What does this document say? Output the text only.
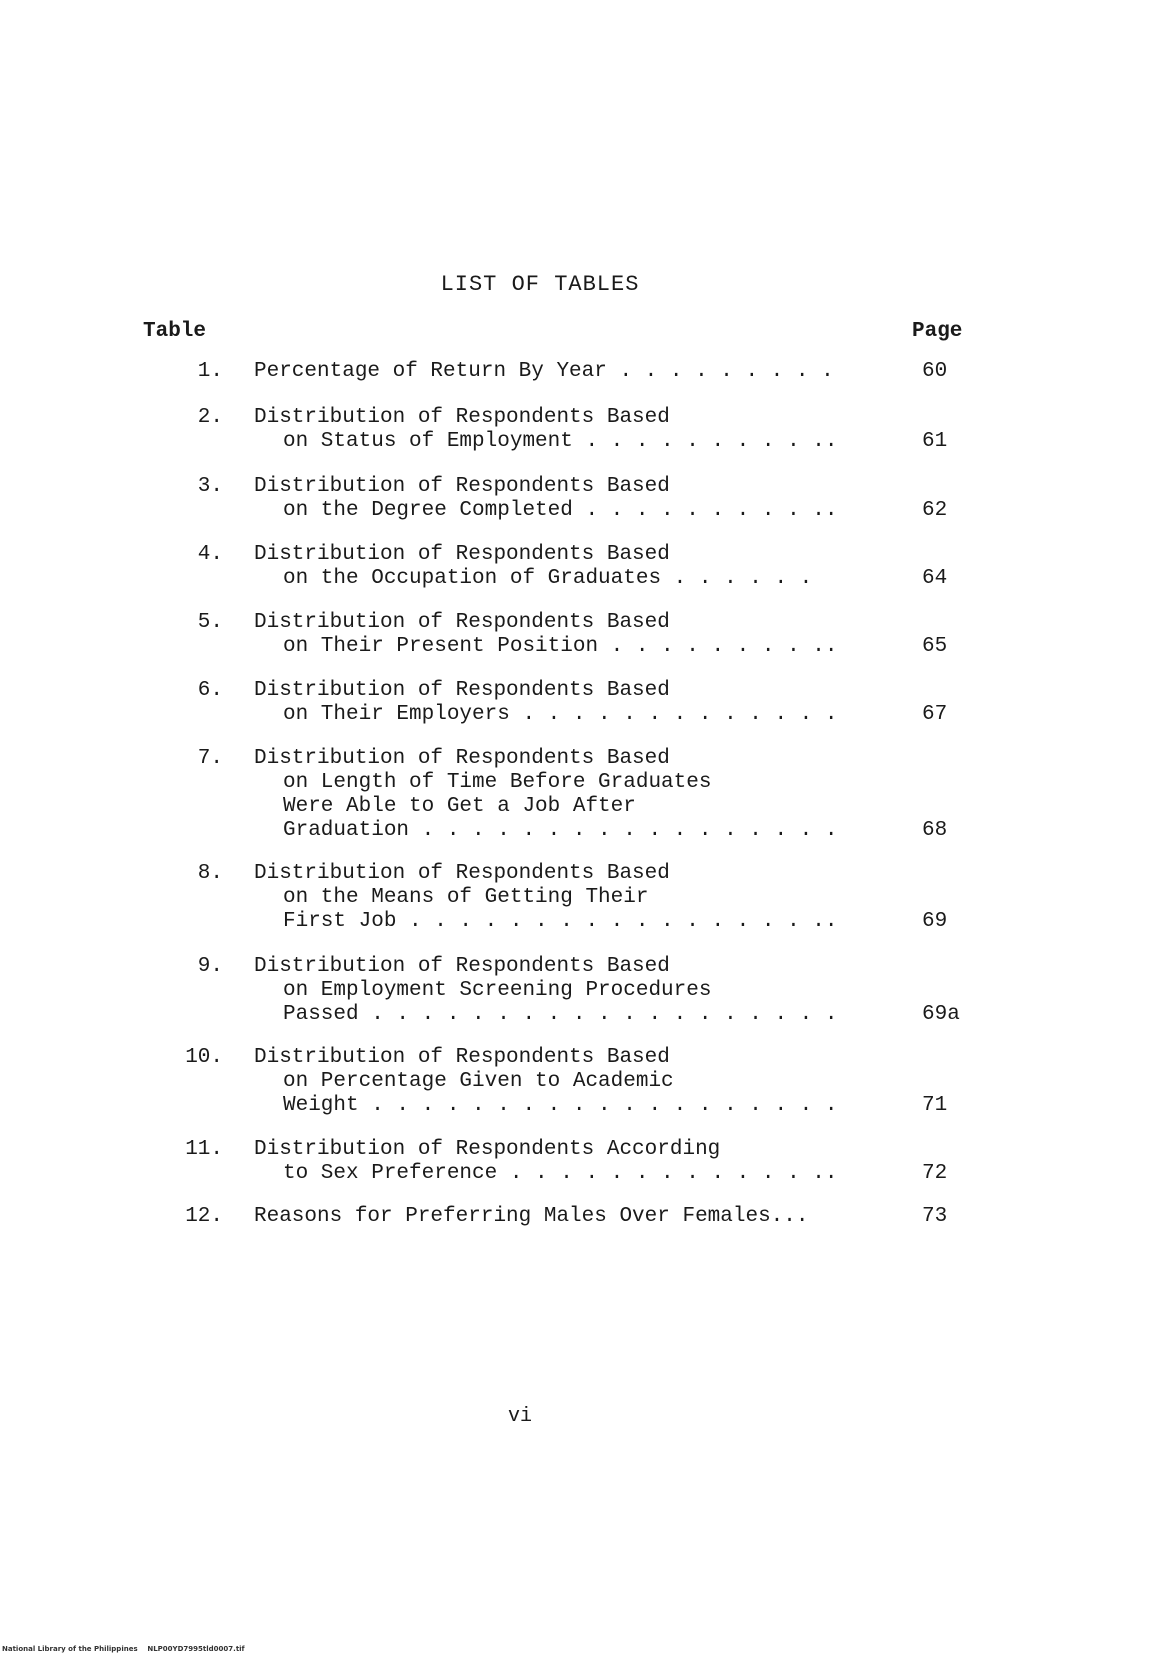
LIST OF TABLES
Table	Page
1. Percentage of Return By Year . . . . . . . . .	60
2. Distribution of Respondents Based
on Status of Employment . . . . . . . . . ..	61
3. Distribution of Respondents Based
on the Degree Completed . . . . . . . . . ..	62
4. Distribution of Respondents Based
on the Occupation of Graduates . . . . . .	64
5. Distribution of Respondents Based
on Their Present Position . . . . . . . . ..	65
6. Distribution of Respondents Based
on Their Employers . . . . . . . . . . . . .	67
7. Distribution of Respondents Based
on Length of Time Before Graduates
Were Able to Get a Job After
Graduation . . . . . . . . . . . . . . . . .	68
8. Distribution of Respondents Based
on the Means of Getting Their
First Job . . . . . . . . . . . . . . . . ..	69
9. Distribution of Respondents Based
on Employment Screening Procedures
Passed . . . . . . . . . . . . . . . . . . .	69a
10. Distribution of Respondents Based
on Percentage Given to Academic
Weight . . . . . . . . . . . . . . . . . . .	71
11. Distribution of Respondents According
to Sex Preference . . . . . . . . . . . . ..	72
12. Reasons for Preferring Males Over Females...	73
vi
National Library of the Philippines    NLP00YD7995tld0007.tif
